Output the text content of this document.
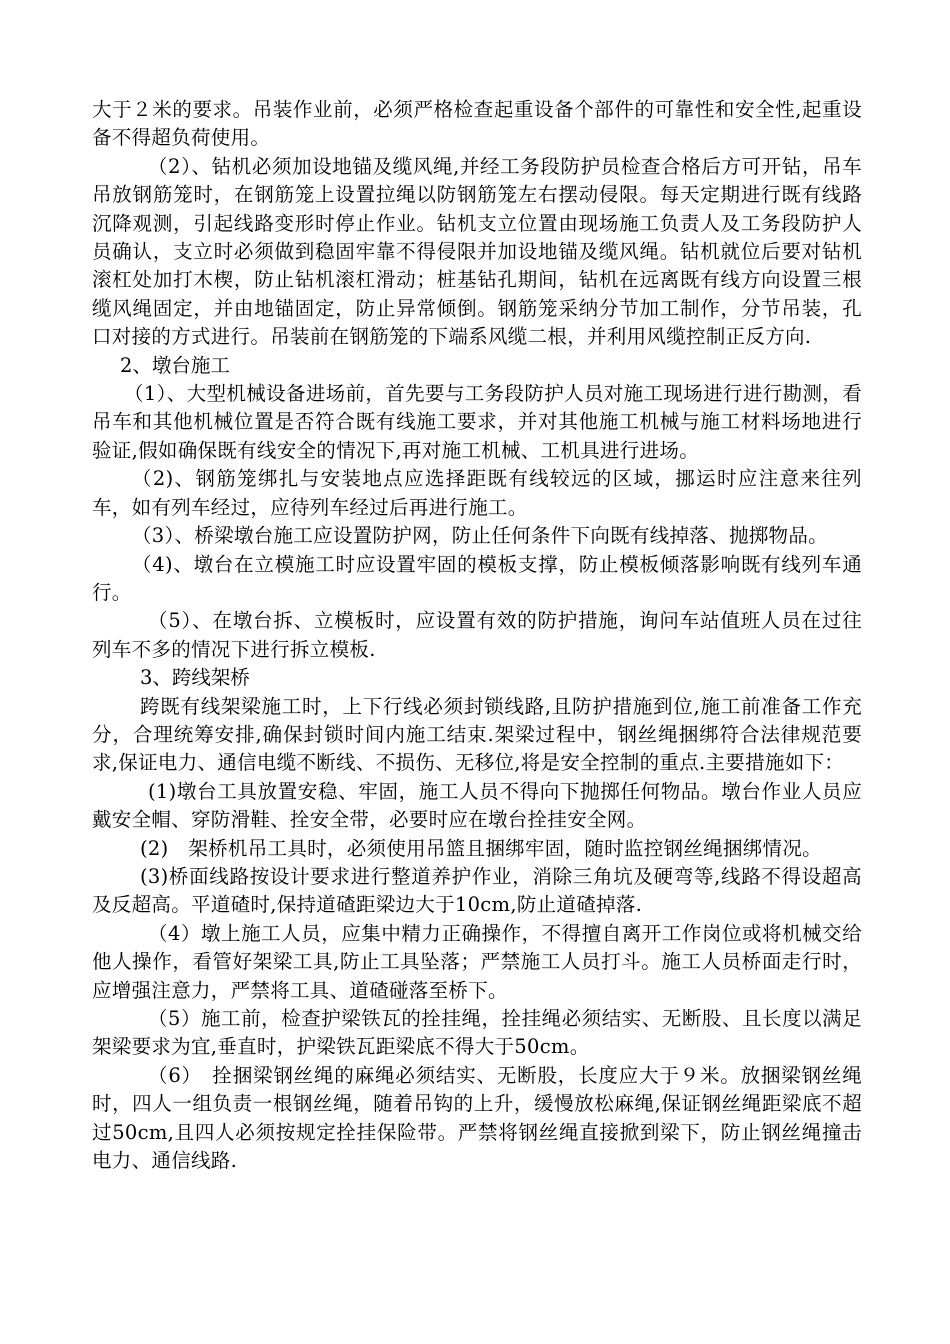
大于２米的要求。吊装作业前，必须严格检查起重设备个部件的可靠性和安全性,起重设备不得超负荷使用。

（2）、钻机必须加设地锚及缆风绳,并经工务段防护员检查合格后方可开钻，吊车吊放钢筋笼时，在钢筋笼上设置拉绳以防钢筋笼左右摆动侵限。每天定期进行既有线路沉降观测，引起线路变形时停止作业。钻机支立位置由现场施工负责人及工务段防护人员确认，支立时必须做到稳固牢靠不得侵限并加设地锚及缆风绳。钻机就位后要对钻机滚杠处加打木楔，防止钻机滚杠滑动；桩基钻孔期间，钻机在远离既有线方向设置三根缆风绳固定，并由地锚固定，防止异常倾倒。钢筋笼采纳分节加工制作，分节吊装，孔口对接的方式进行。吊装前在钢筋笼的下端系风缆二根，并利用风缆控制正反方向.

2、墩台施工

（1）、大型机械设备进场前，首先要与工务段防护人员对施工现场进行进行勘测，看吊车和其他机械位置是否符合既有线施工要求，并对其他施工机械与施工材料场地进行验证,假如确保既有线安全的情况下,再对施工机械、工机具进行进场。

（2)、钢筋笼绑扎与安装地点应选择距既有线较远的区域，挪运时应注意来往列车，如有列车经过，应待列车经过后再进行施工。

（3）、桥梁墩台施工应设置防护网，防止任何条件下向既有线掉落、抛掷物品。

（4)、墩台在立模施工时应设置牢固的模板支撑，防止模板倾落影响既有线列车通行。

（5）、在墩台拆、立模板时，应设置有效的防护措施，询问车站值班人员在过往列车不多的情况下进行拆立模板.

3、跨线架桥

跨既有线架梁施工时，上下行线必须封锁线路,且防护措施到位,施工前准备工作充分，合理统筹安排,确保封锁时间内施工结束.架梁过程中，钢丝绳捆绑符合法律规范要求,保证电力、通信电缆不断线、不损伤、无移位,将是安全控制的重点.主要措施如下：

(1)墩台工具放置安稳、牢固，施工人员不得向下抛掷任何物品。墩台作业人员应戴安全帽、穿防滑鞋、拴安全带，必要时应在墩台拴挂安全网。

(2)　架桥机吊工具时，必须使用吊篮且捆绑牢固，随时监控钢丝绳捆绑情况。

(3)桥面线路按设计要求进行整道养护作业，消除三角坑及硬弯等,线路不得设超高及反超高。平道碴时,保持道碴距梁边大于10cm,防止道碴掉落.

（4）墩上施工人员，应集中精力正确操作，不得擅自离开工作岗位或将机械交给他人操作，看管好架梁工具,防止工具坠落；严禁施工人员打斗。施工人员桥面走行时，应增强注意力，严禁将工具、道碴碰落至桥下。

（5）施工前，检查护梁铁瓦的拴挂绳，拴挂绳必须结实、无断股、且长度以满足架梁要求为宜,垂直时，护梁铁瓦距梁底不得大于50cm。

（6）　拴捆梁钢丝绳的麻绳必须结实、无断股，长度应大于９米。放捆梁钢丝绳时，四人一组负责一根钢丝绳，随着吊钩的上升，缓慢放松麻绳,保证钢丝绳距梁底不超过50cm,且四人必须按规定拴挂保险带。严禁将钢丝绳直接掀到梁下，防止钢丝绳撞击电力、通信线路.
